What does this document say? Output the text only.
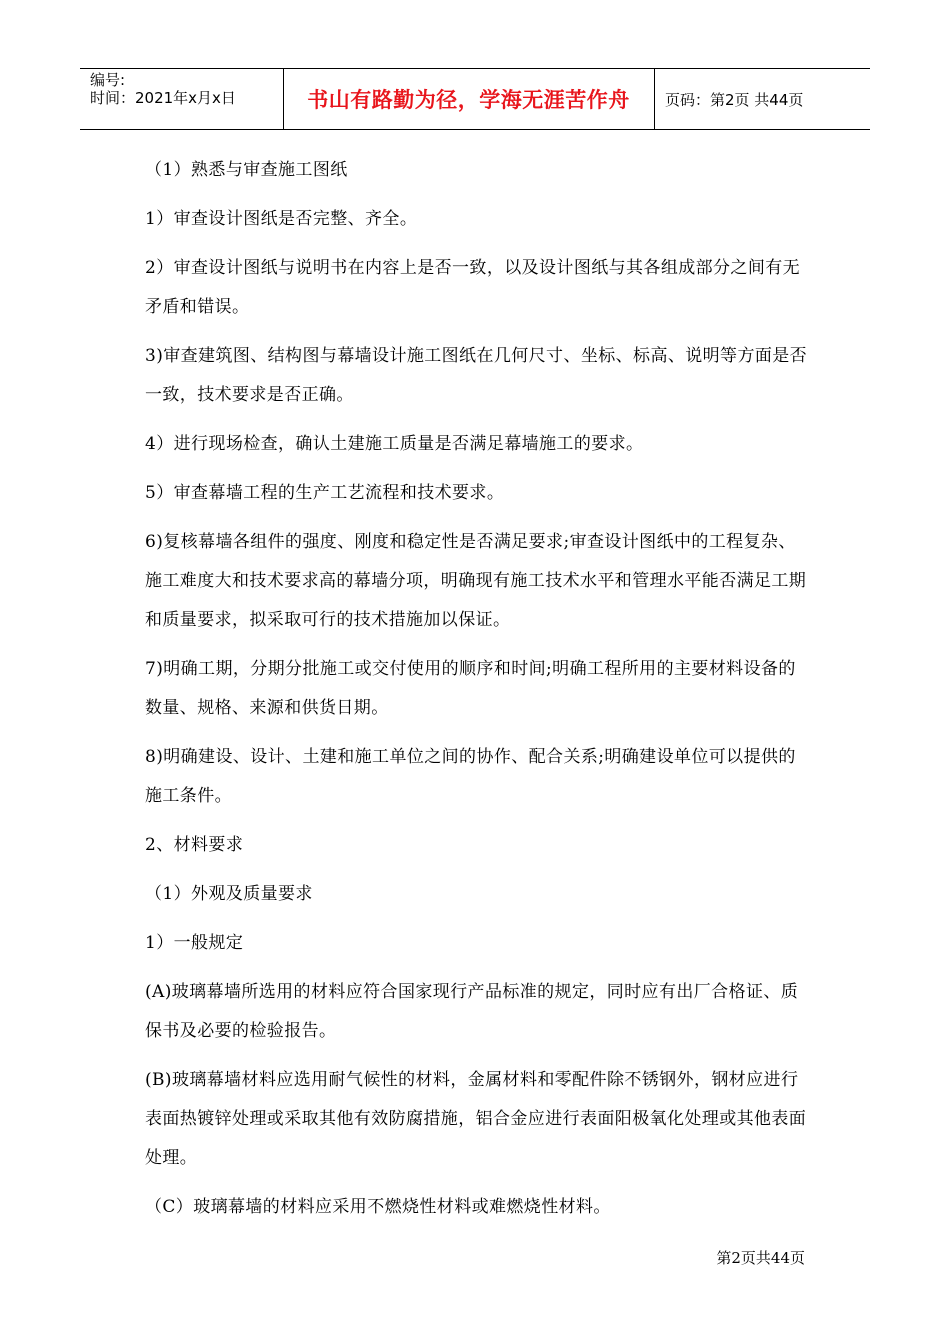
编号:
时间：2021年x月x日	书山有路勤为径，学海无涯苦作舟 页码：第2页 共44页

（1）熟悉与审查施工图纸

1）审查设计图纸是否完整、齐全。

2）审查设计图纸与说明书在内容上是否一致，以及设计图纸与其各组成部分之间有无矛盾和错误。

3)审查建筑图、结构图与幕墙设计施工图纸在几何尺寸、坐标、标高、说明等方面是否一致，技术要求是否正确。

4）进行现场检查，确认土建施工质量是否满足幕墙施工的要求。

5）审查幕墙工程的生产工艺流程和技术要求。

6)复核幕墙各组件的强度、刚度和稳定性是否满足要求;审查设计图纸中的工程复杂、施工难度大和技术要求高的幕墙分项，明确现有施工技术水平和管理水平能否满足工期和质量要求，拟采取可行的技术措施加以保证。

7)明确工期，分期分批施工或交付使用的顺序和时间;明确工程所用的主要材料设备的数量、规格、来源和供货日期。

8)明确建设、设计、土建和施工单位之间的协作、配合关系;明确建设单位可以提供的施工条件。

2、材料要求

（1）外观及质量要求

1）一般规定

(A)玻璃幕墙所选用的材料应符合国家现行产品标准的规定，同时应有出厂合格证、质保书及必要的检验报告。

(B)玻璃幕墙材料应选用耐气候性的材料，金属材料和零配件除不锈钢外，钢材应进行表面热镀锌处理或采取其他有效防腐措施，铝合金应进行表面阳极氧化处理或其他表面处理。

（C）玻璃幕墙的材料应采用不燃烧性材料或难燃烧性材料。

第2页共44页
